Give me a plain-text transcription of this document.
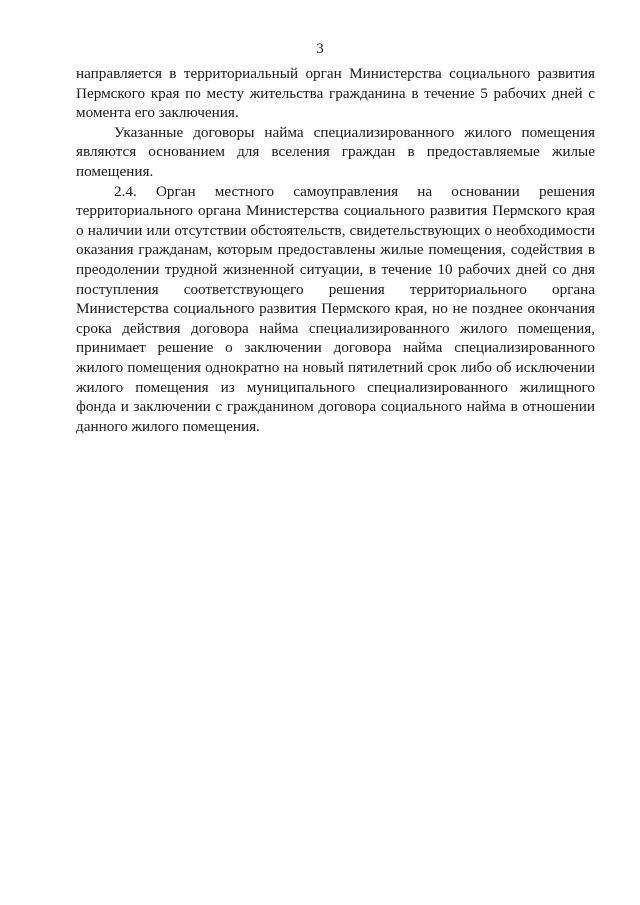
3

направляется в территориальный орган Министерства социального развития Пермского края по месту жительства гражданина в течение 5 рабочих дней с момента его заключения.

Указанные договоры найма специализированного жилого помещения являются основанием для вселения граждан в предоставляемые жилые помещения.

2.4. Орган местного самоуправления на основании решения территориального органа Министерства социального развития Пермского края о наличии или отсутствии обстоятельств, свидетельствующих о необходимости оказания гражданам, которым предоставлены жилые помещения, содействия в преодолении трудной жизненной ситуации, в течение 10 рабочих дней со дня поступления соответствующего решения территориального органа Министерства социального развития Пермского края, но не позднее окончания срока действия договора найма специализированного жилого помещения, принимает решение о заключении договора найма специализированного жилого помещения однократно на новый пятилетний срок либо об исключении жилого помещения из муниципального специализированного жилищного фонда и заключении с гражданином договора социального найма в отношении данного жилого помещения.
